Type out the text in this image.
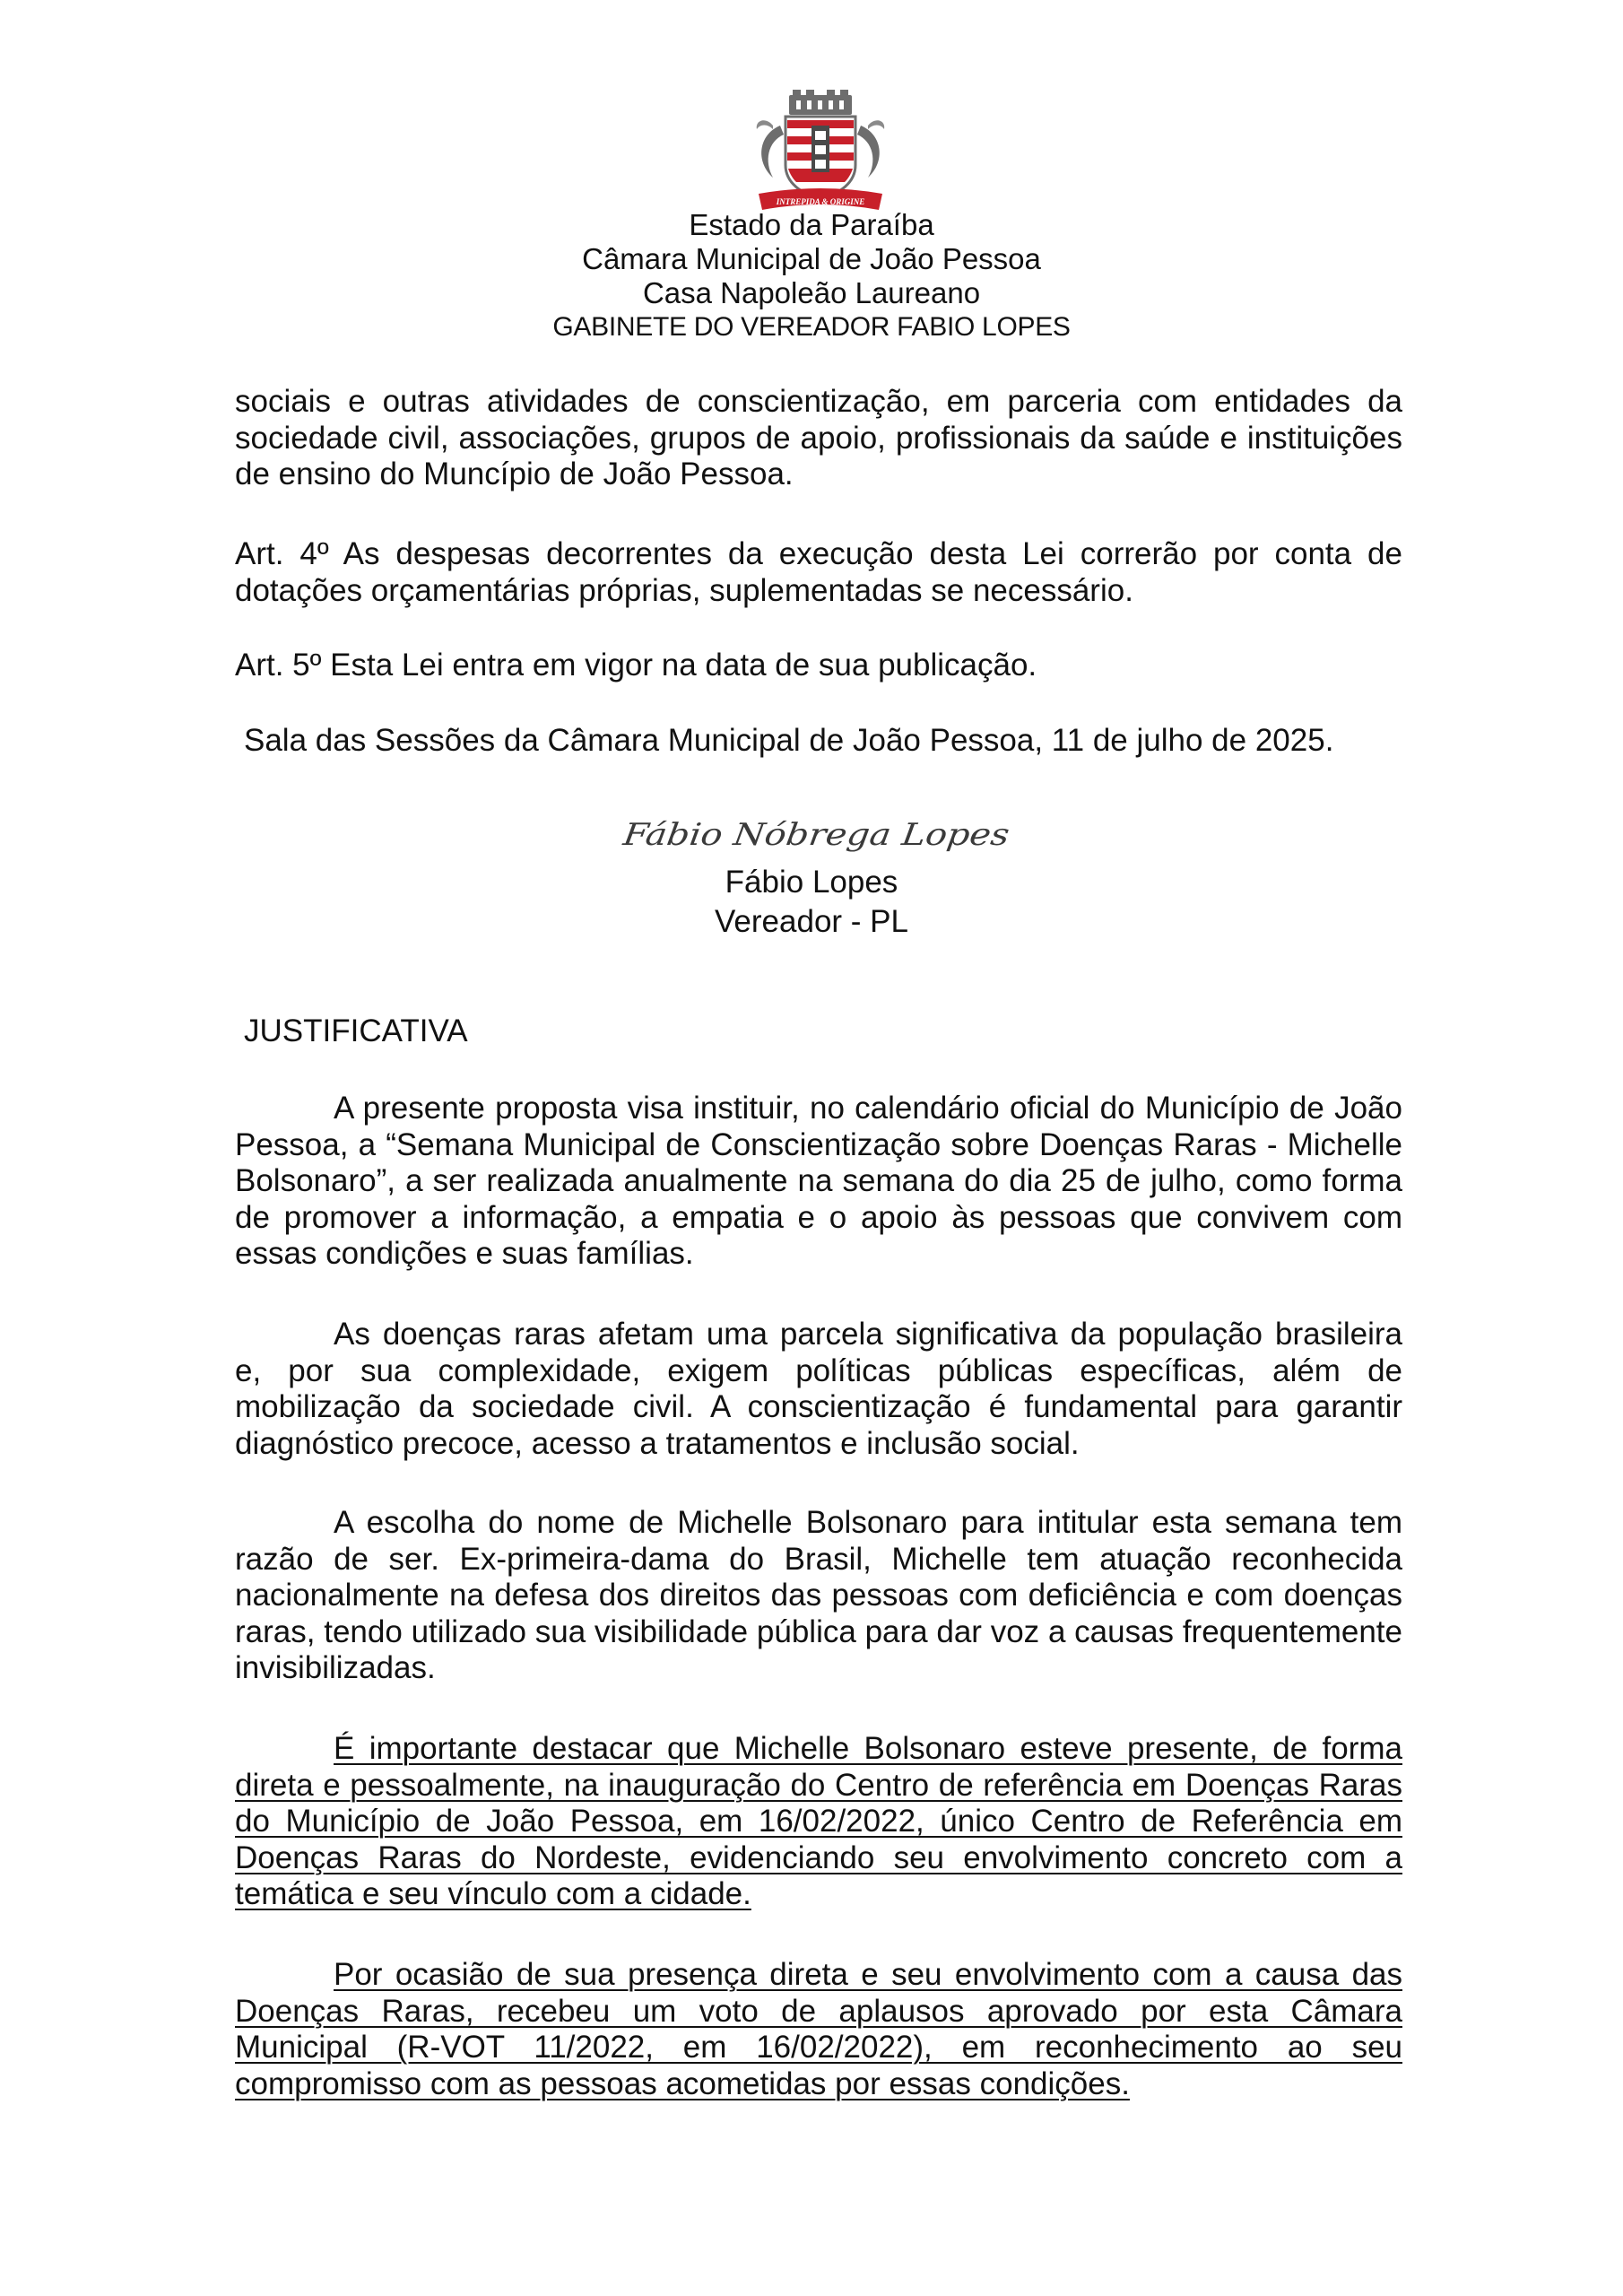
INTREPIDA & ORIGINE
Estado da Paraíba
Câmara Municipal de João Pessoa
Casa Napoleão Laureano
GABINETE DO VEREADOR FABIO LOPES
sociais e outras atividades de conscientização, em parceria com entidades da sociedade civil, associações, grupos de apoio, profissionais da saúde e instituições de ensino do Muncípio de João Pessoa.
Art. 4º As despesas decorrentes da execução desta Lei correrão por conta de dotações orçamentárias próprias, suplementadas se necessário.
Art. 5º Esta Lei entra em vigor na data de sua publicação.
Sala das Sessões da Câmara Municipal de João Pessoa, 11 de julho de 2025.
Fábio Nóbrega Lopes
Fábio Lopes
Vereador - PL
JUSTIFICATIVA
A presente proposta visa instituir, no calendário oficial do Município de João Pessoa, a “Semana Municipal de Conscientização sobre Doenças Raras - Michelle Bolsonaro”, a ser realizada anualmente na semana do dia 25 de julho, como forma de promover a informação, a empatia e o apoio às pessoas que convivem com essas condições e suas famílias.
As doenças raras afetam uma parcela significativa da população brasileira e, por sua complexidade, exigem políticas públicas específicas, além de mobilização da sociedade civil. A conscientização é fundamental para garantir diagnóstico precoce, acesso a tratamentos e inclusão social.
A escolha do nome de Michelle Bolsonaro para intitular esta semana tem razão de ser. Ex-primeira-dama do Brasil, Michelle tem atuação reconhecida nacionalmente na defesa dos direitos das pessoas com deficiência e com doenças raras, tendo utilizado sua visibilidade pública para dar voz a causas frequentemente invisibilizadas.
É importante destacar que Michelle Bolsonaro esteve presente, de forma direta e pessoalmente, na inauguração do Centro de referência em Doenças Raras do Município de João Pessoa, em 16/02/2022, único Centro de Referência em Doenças Raras do Nordeste, evidenciando seu envolvimento concreto com a temática e seu vínculo com a cidade.
Por ocasião de sua presença direta e seu envolvimento com a causa das Doenças Raras, recebeu um voto de aplausos aprovado por esta Câmara Municipal (R-VOT 11/2022, em 16/02/2022), em reconhecimento ao seu compromisso com as pessoas acometidas por essas condições.
